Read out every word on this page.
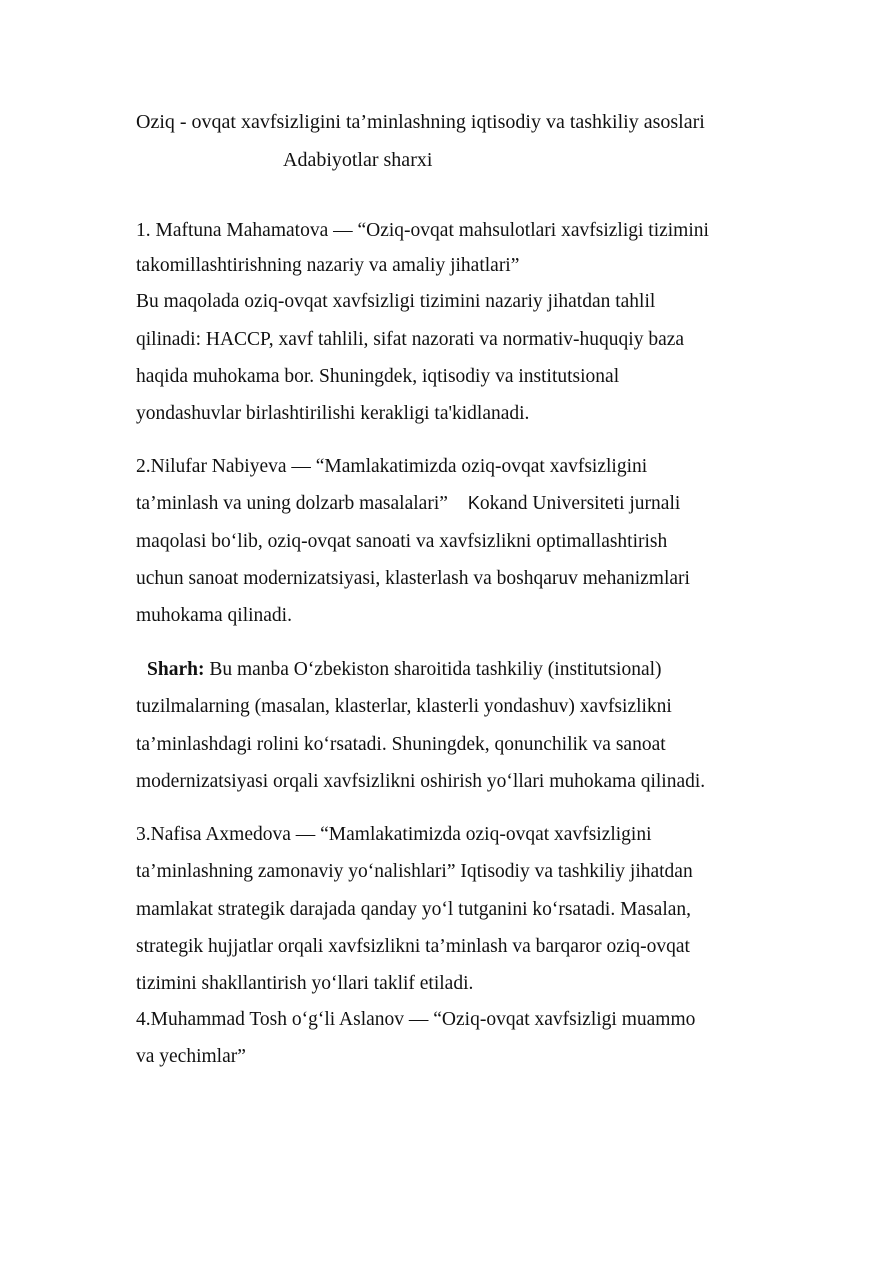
Oziq - ovqat xavfsizligini ta’minlashning iqtisodiy va tashkiliy asoslari

Adabiyotlar sharxi

1. Maftuna Mahamatova — “Oziq-ovqat mahsulotlari xavfsizligi tizimini

takomillashtirishning nazariy va amaliy jihatlari”

Bu maqolada oziq-ovqat xavfsizligi tizimini nazariy jihatdan tahlil

qilinadi: HACCP, xavf tahlili, sifat nazorati va normativ-huquqiy baza

haqida muhokama bor. Shuningdek, iqtisodiy va institutsional

yondashuvlar birlashtirilishi kerakligi ta'kidlanadi.

2.Nilufar Nabiyeva — “Mamlakatimizda oziq-ovqat xavfsizligini

ta’minlash va uning dolzarb masalalari” Kokand Universiteti jurnali

maqolasi bo‘lib, oziq-ovqat sanoati va xavfsizlikni optimallashtirish

uchun sanoat modernizatsiyasi, klasterlash va boshqaruv mehanizmlari

muhokama qilinadi.

Sharh: Bu manba O‘zbekiston sharoitida tashkiliy (institutsional)

tuzilmalarning (masalan, klasterlar, klasterli yondashuv) xavfsizlikni

ta’minlashdagi rolini ko‘rsatadi. Shuningdek, qonunchilik va sanoat

modernizatsiyasi orqali xavfsizlikni oshirish yo‘llari muhokama qilinadi.

3.Nafisa Axmedova — “Mamlakatimizda oziq-ovqat xavfsizligini

ta’minlashning zamonaviy yo‘nalishlari” Iqtisodiy va tashkiliy jihatdan

mamlakat strategik darajada qanday yo‘l tutganini ko‘rsatadi. Masalan,

strategik hujjatlar orqali xavfsizlikni ta’minlash va barqaror oziq-ovqat

tizimini shakllantirish yo‘llari taklif etiladi.

4.Muhammad Tosh o‘g‘li Aslanov — “Oziq-ovqat xavfsizligi muammo

va yechimlar”
